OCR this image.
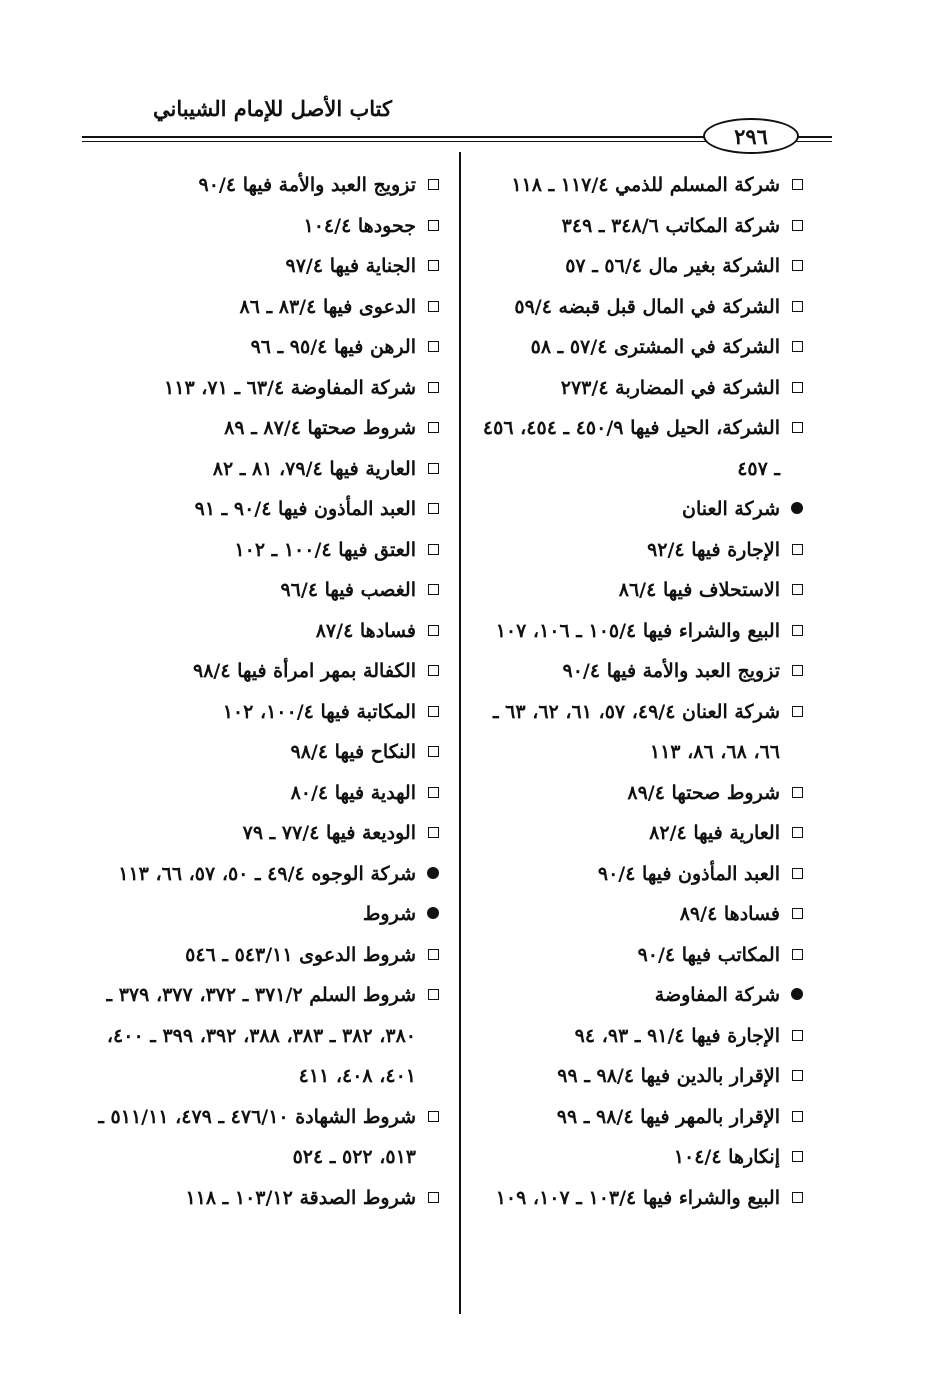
كتاب الأصل للإمام الشيباني
٢٩٦
شركة المسلم للذمي ١١٧/٤ ـ ١١٨
شركة المكاتب ٣٤٨/٦ ـ ٣٤٩
الشركة بغير مال ٥٦/٤ ـ ٥٧
الشركة في المال قبل قبضه ٥٩/٤
الشركة في المشترى ٥٧/٤ ـ ٥٨
الشركة في المضاربة ٢٧٣/٤
الشركة، الحيل فيها ٤٥٠/٩ ـ ٤٥٤، ٤٥٦ ـ ٤٥٧
شركة العنان
الإجارة فيها ٩٢/٤
الاستحلاف فيها ٨٦/٤
البيع والشراء فيها ١٠٥/٤ ـ ١٠٦، ١٠٧
تزويج العبد والأمة فيها ٩٠/٤
شركة العنان ٤٩/٤، ٥٧، ٦١، ٦٢، ٦٣ ـ ٦٦، ٦٨، ٨٦، ١١٣
شروط صحتها ٨٩/٤
العارية فيها ٨٢/٤
العبد المأذون فيها ٩٠/٤
فسادها ٨٩/٤
المكاتب فيها ٩٠/٤
شركة المفاوضة
الإجارة فيها ٩١/٤ ـ ٩٣، ٩٤
الإقرار بالدين فيها ٩٨/٤ ـ ٩٩
الإقرار بالمهر فيها ٩٨/٤ ـ ٩٩
إنكارها ١٠٤/٤
البيع والشراء فيها ١٠٣/٤ ـ ١٠٧، ١٠٩
تزويج العبد والأمة فيها ٩٠/٤
جحودها ١٠٤/٤
الجناية فيها ٩٧/٤
الدعوى فيها ٨٣/٤ ـ ٨٦
الرهن فيها ٩٥/٤ ـ ٩٦
شركة المفاوضة ٦٣/٤ ـ ٧١، ١١٣
شروط صحتها ٨٧/٤ ـ ٨٩
العارية فيها ٧٩/٤، ٨١ ـ ٨٢
العبد المأذون فيها ٩٠/٤ ـ ٩١
العتق فيها ١٠٠/٤ ـ ١٠٢
الغصب فيها ٩٦/٤
فسادها ٨٧/٤
الكفالة بمهر امرأة فيها ٩٨/٤
المكاتبة فيها ١٠٠/٤، ١٠٢
النكاح فيها ٩٨/٤
الهدية فيها ٨٠/٤
الوديعة فيها ٧٧/٤ ـ ٧٩
شركة الوجوه ٤٩/٤ ـ ٥٠، ٥٧، ٦٦، ١١٣
شروط
شروط الدعوى ٥٤٣/١١ ـ ٥٤٦
شروط السلم ٣٧١/٢ ـ ٣٧٢، ٣٧٧، ٣٧٩ ـ ٣٨٠، ٣٨٢ ـ ٣٨٣، ٣٨٨، ٣٩٢، ٣٩٩ ـ ٤٠٠، ٤٠١، ٤٠٨، ٤١١
شروط الشهادة ٤٧٦/١٠ ـ ٤٧٩، ٥١١/١١ ـ ٥١٣، ٥٢٢ ـ ٥٢٤
شروط الصدقة ١٠٣/١٢ ـ ١١٨
